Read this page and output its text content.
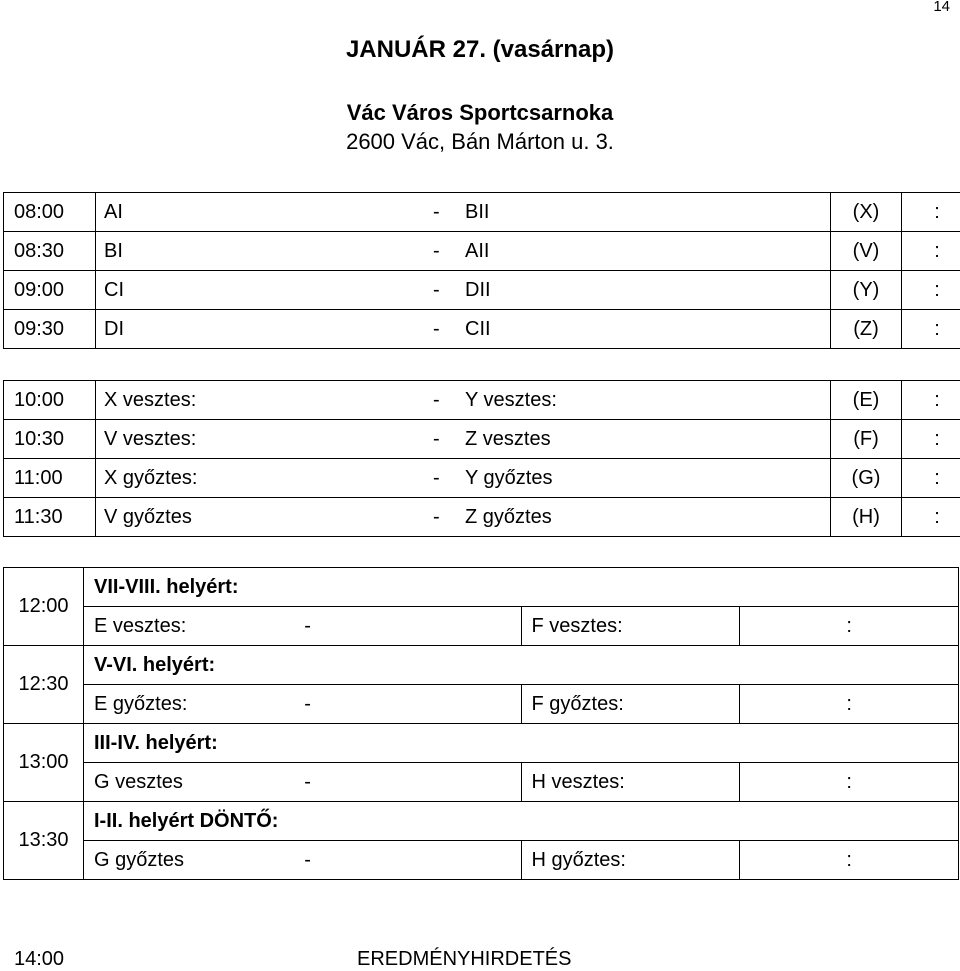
14
JANUÁR 27. (vasárnap)
Vác Város Sportcsarnoka
2600 Vác, Bán Márton u. 3.
08:00	AI	-	BII	(X)	:
08:30	BI	-	AII	(V)	:
09:00	CI	-	DII	(Y)	:
09:30	DI	-	CII	(Z)	:
10:00	X vesztes:	-	Y vesztes:	(E)	:
10:30	V vesztes:	-	Z vesztes	(F)	:
11:00	X győztes:	-	Y győztes	(G)	:
11:30	V győztes	-	Z győztes	(H)	:
12:00	VII-VIII. helyért:			
	E vesztes:	-	F vesztes:	:
12:30	V-VI. helyért:			
	E győztes:	-	F győztes:	:
13:00	III-IV. helyért:			
	G vesztes	-	H vesztes:	:
13:30	I-II. helyért DÖNTŐ:			
	G győztes	-	H győztes:	:
14:00	EREDMÉNYHIRDETÉS
